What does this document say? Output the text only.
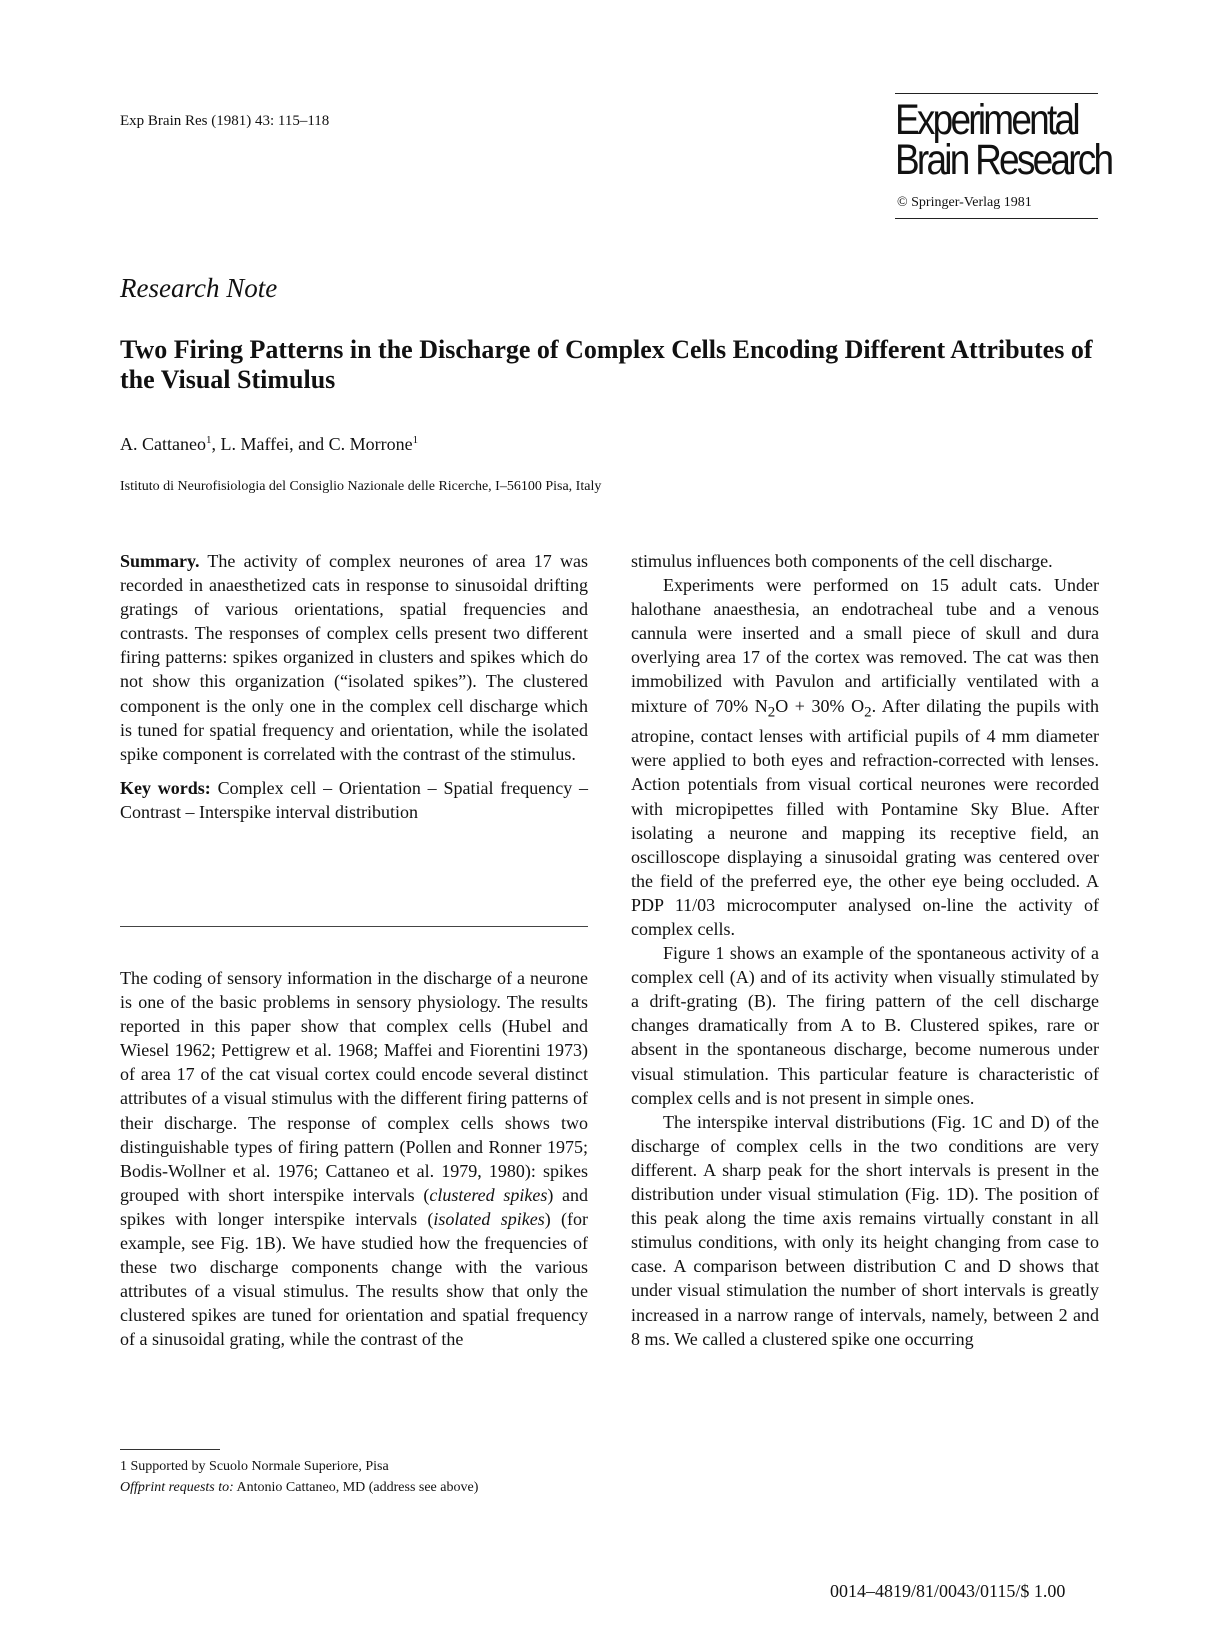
Exp Brain Res (1981) 43: 115–118	Experimental
Brain Research
© Springer-Verlag 1981
Research Note
Two Firing Patterns in the Discharge of Complex Cells Encoding Different Attributes of the Visual Stimulus
A. Cattaneo$^1$, L. Maffei, and C. Morrone$^1$
Istituto di Neurofisiologia del Consiglio Nazionale delle Ricerche, I–56100 Pisa, Italy

Summary. The activity of complex neurones of area 17 was recorded in anaesthetized cats in response to sinusoidal drifting gratings of various orientations, spatial frequencies and contrasts. The responses of complex cells present two different firing patterns: spikes organized in clusters and spikes which do not show this organization (“isolated spikes”). The clustered component is the only one in the complex cell discharge which is tuned for spatial frequency and orientation, while the isolated spike component is correlated with the contrast of the stimulus.

Key words: Complex cell – Orientation – Spatial frequency – Contrast – Interspike interval distribution

The coding of sensory information in the discharge of a neurone is one of the basic problems in sensory physiology. The results reported in this paper show that complex cells (Hubel and Wiesel 1962; Pettigrew et al. 1968; Maffei and Fiorentini 1973) of area 17 of the cat visual cortex could encode several distinct attributes of a visual stimulus with the different firing patterns of their discharge. The response of complex cells shows two distinguishable types of firing pattern (Pollen and Ronner 1975; Bodis-Wollner et al. 1976; Cattaneo et al. 1979, 1980): spikes grouped with short interspike intervals (clustered spikes) and spikes with longer interspike intervals (isolated spikes) (for example, see Fig. 1B). We have studied how the frequencies of these two discharge components change with the various attributes of a visual stimulus. The results show that only the clustered spikes are tuned for orientation and spatial frequency of a sinusoidal grating, while the contrast of the

stimulus influences both components of the cell discharge.

Experiments were performed on 15 adult cats. Under halothane anaesthesia, an endotracheal tube and a venous cannula were inserted and a small piece of skull and dura overlying area 17 of the cortex was removed. The cat was then immobilized with Pavulon and artificially ventilated with a mixture of 70% $N_2O + 30\%$ $O_2$. After dilating the pupils with atropine, contact lenses with artificial pupils of 4 mm diameter were applied to both eyes and refraction-corrected with lenses. Action potentials from visual cortical neurones were recorded with micropipettes filled with Pontamine Sky Blue. After isolating a neurone and mapping its receptive field, an oscilloscope displaying a sinusoidal grating was centered over the field of the preferred eye, the other eye being occluded. A PDP 11/03 microcomputer analysed on-line the activity of complex cells.

Figure 1 shows an example of the spontaneous activity of a complex cell (A) and of its activity when visually stimulated by a drift-grating (B). The firing pattern of the cell discharge changes dramatically from A to B. Clustered spikes, rare or absent in the spontaneous discharge, become numerous under visual stimulation. This particular feature is characteristic of complex cells and is not present in simple ones.

The interspike interval distributions (Fig. 1C and D) of the discharge of complex cells in the two conditions are very different. A sharp peak for the short intervals is present in the distribution under visual stimulation (Fig. 1D). The position of this peak along the time axis remains virtually constant in all stimulus conditions, with only its height changing from case to case. A comparison between distribution C and D shows that under visual stimulation the number of short intervals is greatly increased in a narrow range of intervals, namely, between 2 and 8 ms. We called a clustered spike one occurring

1 Supported by Scuolo Normale Superiore, Pisa
Offprint requests to: Antonio Cattaneo, MD (address see above)
0014–4819/81/0043/0115/$ 1.00
